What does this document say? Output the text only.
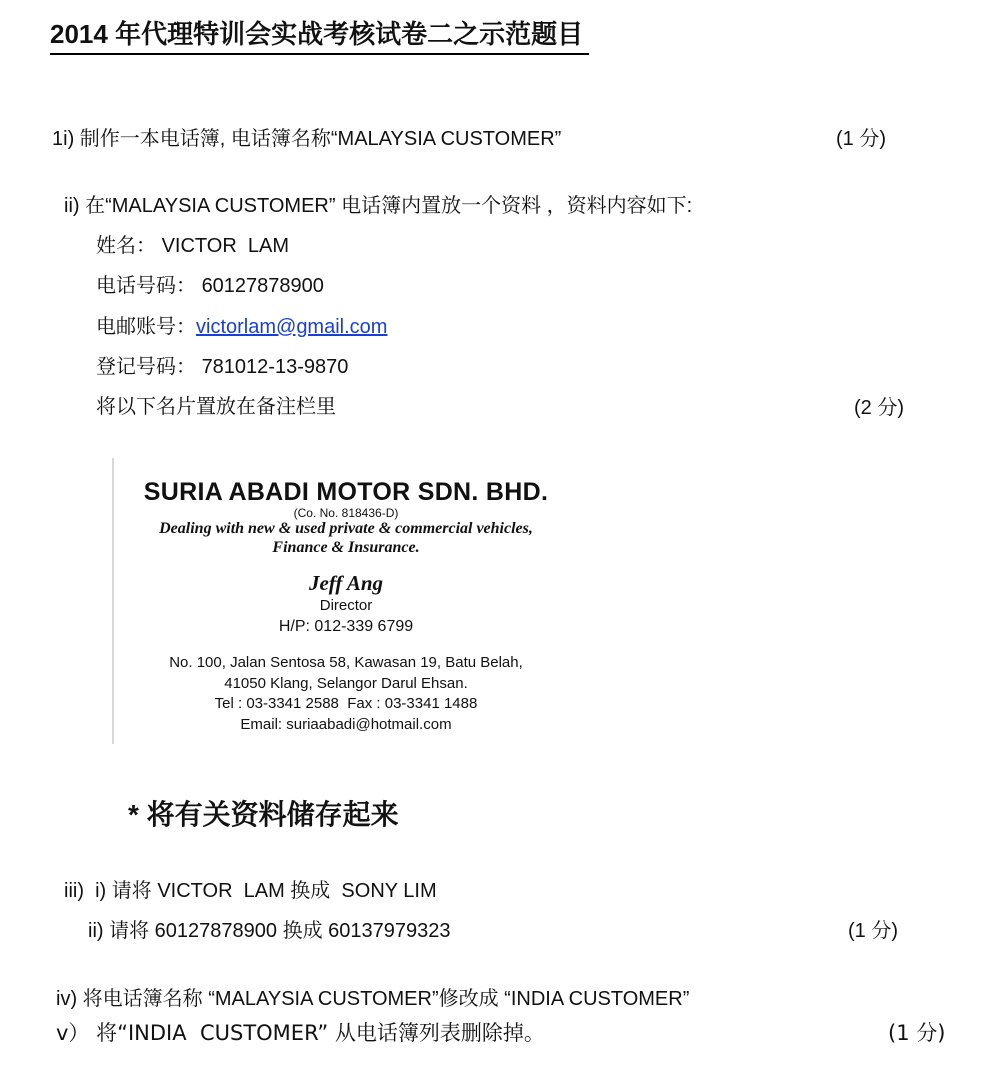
2014 年代理特训会实战考核试卷二之示范题目
1i) 制作一本电话簿, 电话簿名称“MALAYSIA CUSTOMER”	(1 分)
ii) 在“MALAYSIA CUSTOMER” 电话簿内置放一个资料 ，资料内容如下:
姓名： VICTOR  LAM
电话号码： 60127878900
电邮账号：victorlam@gmail.com
登记号码： 781012-13-9870
将以下名片置放在备注栏里	(2 分)
SURIA ABADI MOTOR SDN. BHD.
(Co. No. 818436-D)
Dealing with new & used private & commercial vehicles,
Finance & Insurance.
Jeff Ang
Director
H/P: 012-339 6799
No. 100, Jalan Sentosa 58, Kawasan 19, Batu Belah,
41050 Klang, Selangor Darul Ehsan.
Tel : 03-3341 2588  Fax : 03-3341 1488
Email: suriaabadi@hotmail.com
* 将有关资料储存起来
iii)  i) 请将 VICTOR  LAM 换成  SONY LIM
ii) 请将 60127878900 换成 60137979323	(1 分)
iv) 将电话簿名称 “MALAYSIA CUSTOMER”修改成 “INDIA CUSTOMER”
v） 将“INDIA  CUSTOMER” 从电话簿列表删除掉。	(1 分)
